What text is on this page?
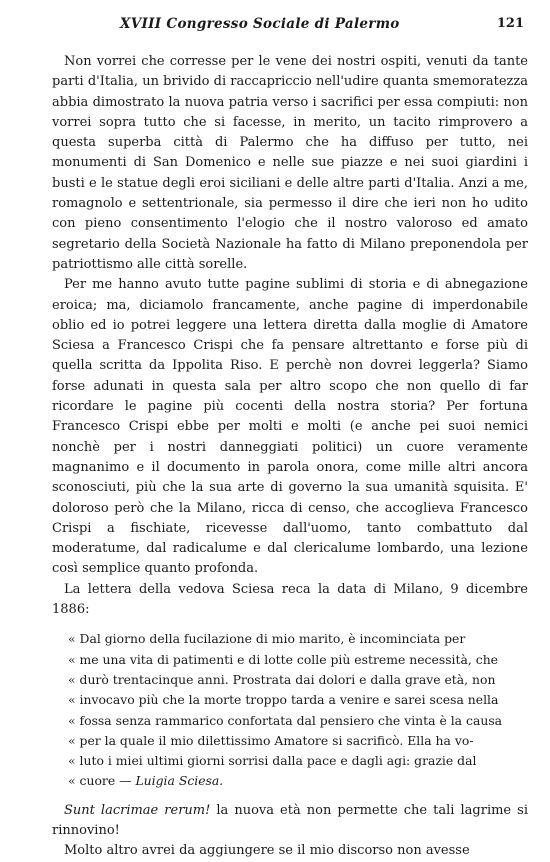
XVIII Congresso Sociale di Palermo	121

Non vorrei che corresse per le vene dei nostri ospiti, venuti da tante parti d'Italia, un brivido di raccapriccio nell'udire quanta smemoratezza abbia dimostrato la nuova patria verso i sacrifici per essa compiuti: non vorrei sopra tutto che si facesse, in merito, un tacito rimprovero a questa superba città di Palermo che ha diffuso per tutto, nei monumenti di San Domenico e nelle sue piazze e nei suoi giardini i busti e le statue degli eroi siciliani e delle altre parti d'Italia. Anzi a me, romagnolo e settentrionale, sia permesso il dire che ieri non ho udito con pieno consentimento l'elogio che il nostro valoroso ed amato segretario della Società Nazionale ha fatto di Milano preponendola per patriottismo alle città sorelle.

Per me hanno avuto tutte pagine sublimi di storia e di abnegazione eroica; ma, diciamolo francamente, anche pagine di imperdonabile oblio ed io potrei leggere una lettera diretta dalla moglie di Amatore Sciesa a Francesco Crispi che fa pensare altrettanto e forse più di quella scritta da Ippolita Riso. E perchè non dovrei leggerla? Siamo forse adunati in questa sala per altro scopo che non quello di far ricordare le pagine più cocenti della nostra storia? Per fortuna Francesco Crispi ebbe per molti e molti (e anche pei suoi nemici nonchè per i nostri danneggiati politici) un cuore veramente magnanimo e il documento in parola onora, come mille altri ancora sconosciuti, più che la sua arte di governo la sua umanità squisita. E' doloroso però che la Milano, ricca di censo, che accoglieva Francesco Crispi a fischiate, ricevesse dall'uomo, tanto combattuto dal moderatume, dal radicalume e dal clericalume lombardo, una lezione così semplice quanto profonda.

La lettera della vedova Sciesa reca la data di Milano, 9 dicembre 1886:

« Dal giorno della fucilazione di mio marito, è incominciata per
« me una vita di patimenti e di lotte colle più estreme necessità, che
« durò trentacinque anni. Prostrata dai dolori e dalla grave età, non
« invocavo più che la morte troppo tarda a venire e sarei scesa nella
« fossa senza rammarico confortata dal pensiero che vinta è la causa
« per la quale il mio dilettissimo Amatore si sacrificò. Ella ha vo-
« luto i miei ultimi giorni sorrisi dalla pace e dagli agi: grazie dal
« cuore — Luigia Sciesa.

Sunt lacrimae rerum! la nuova età non permette che tali lagrime si rinnovino!

Molto altro avrei da aggiungere se il mio discorso non avesse
